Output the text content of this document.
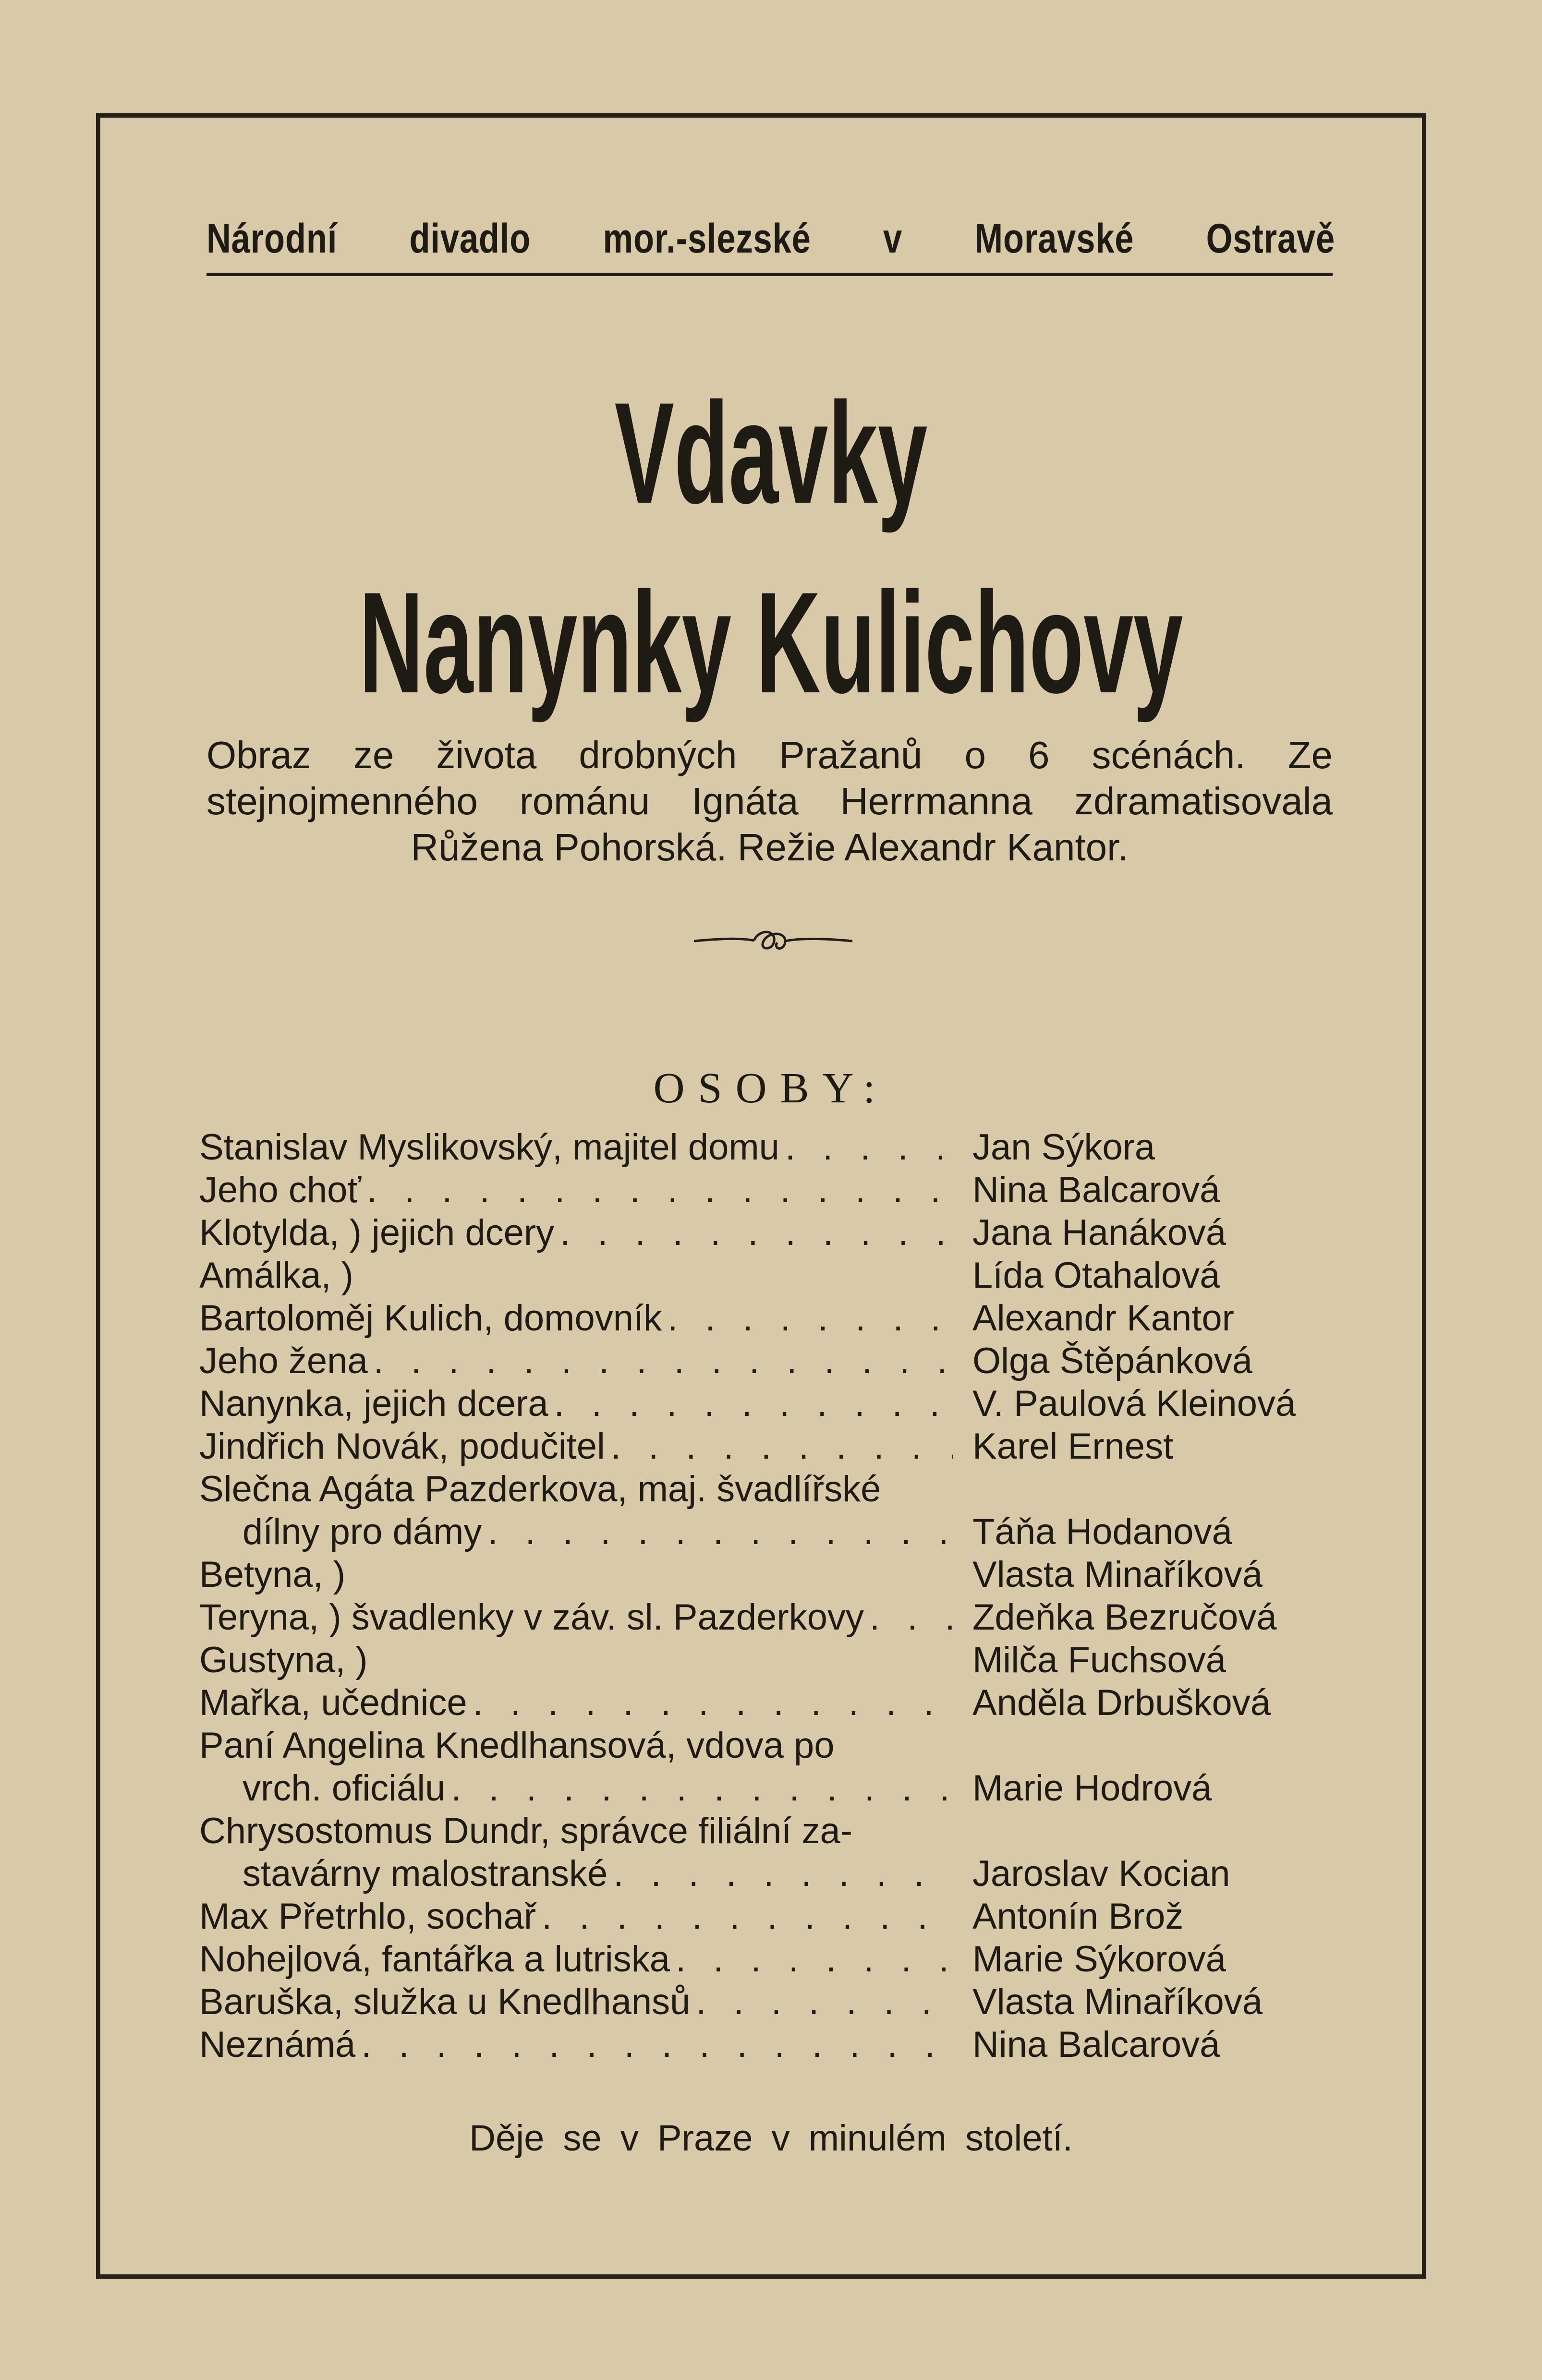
Národní divadlo mor.-slezské v Moravské Ostravě
Vdavky
Nanynky Kulichovy
Obraz ze života drobných Pražanů o 6 scénách. Ze stejnojmenného románu Ignáta Herrmanna zdramatisovala Růžena Pohorská. Režie Alexandr Kantor.
OSOBY:
Stanislav Myslikovský, majitel domu . . .	Jan Sýkora
Jeho choť . . .	Nina Balcarová
Klotylda, ) jejich dcery . . .	Jana Hanáková
Amálka, )	Lída Otahalová
Bartoloměj Kulich, domovník . . .	Alexandr Kantor
Jeho žena . . .	Olga Štěpánková
Nanynka, jejich dcera . . .	V. Paulová Kleinová
Jindřich Novák, podučitel . . .	Karel Ernest
Slečna Agáta Pazderkova, maj. švadlířské
dílny pro dámy . . .	Táňa Hodanová
Betyna, )	Vlasta Minaříková
Teryna, ) švadlenky v záv. sl. Pazderkovy . . .	Zdeňka Bezručová
Gustyna, )	Milča Fuchsová
Mařka, učednice . . .	Anděla Drbušková
Paní Angelina Knedlhansová, vdova po
vrch. oficiálu . . .	Marie Hodrová
Chrysostomus Dundr, správce filiální za-
stavárny malostranské . . .	Jaroslav Kocian
Max Přetrhlo, sochař . . .	Antonín Brož
Nohejlová, fantářka a lutriska . . .	Marie Sýkorová
Baruška, služka u Knedlhansů . . .	Vlasta Minaříková
Neznámá . . .	Nina Balcarová
Děje se v Praze v minulém století.
